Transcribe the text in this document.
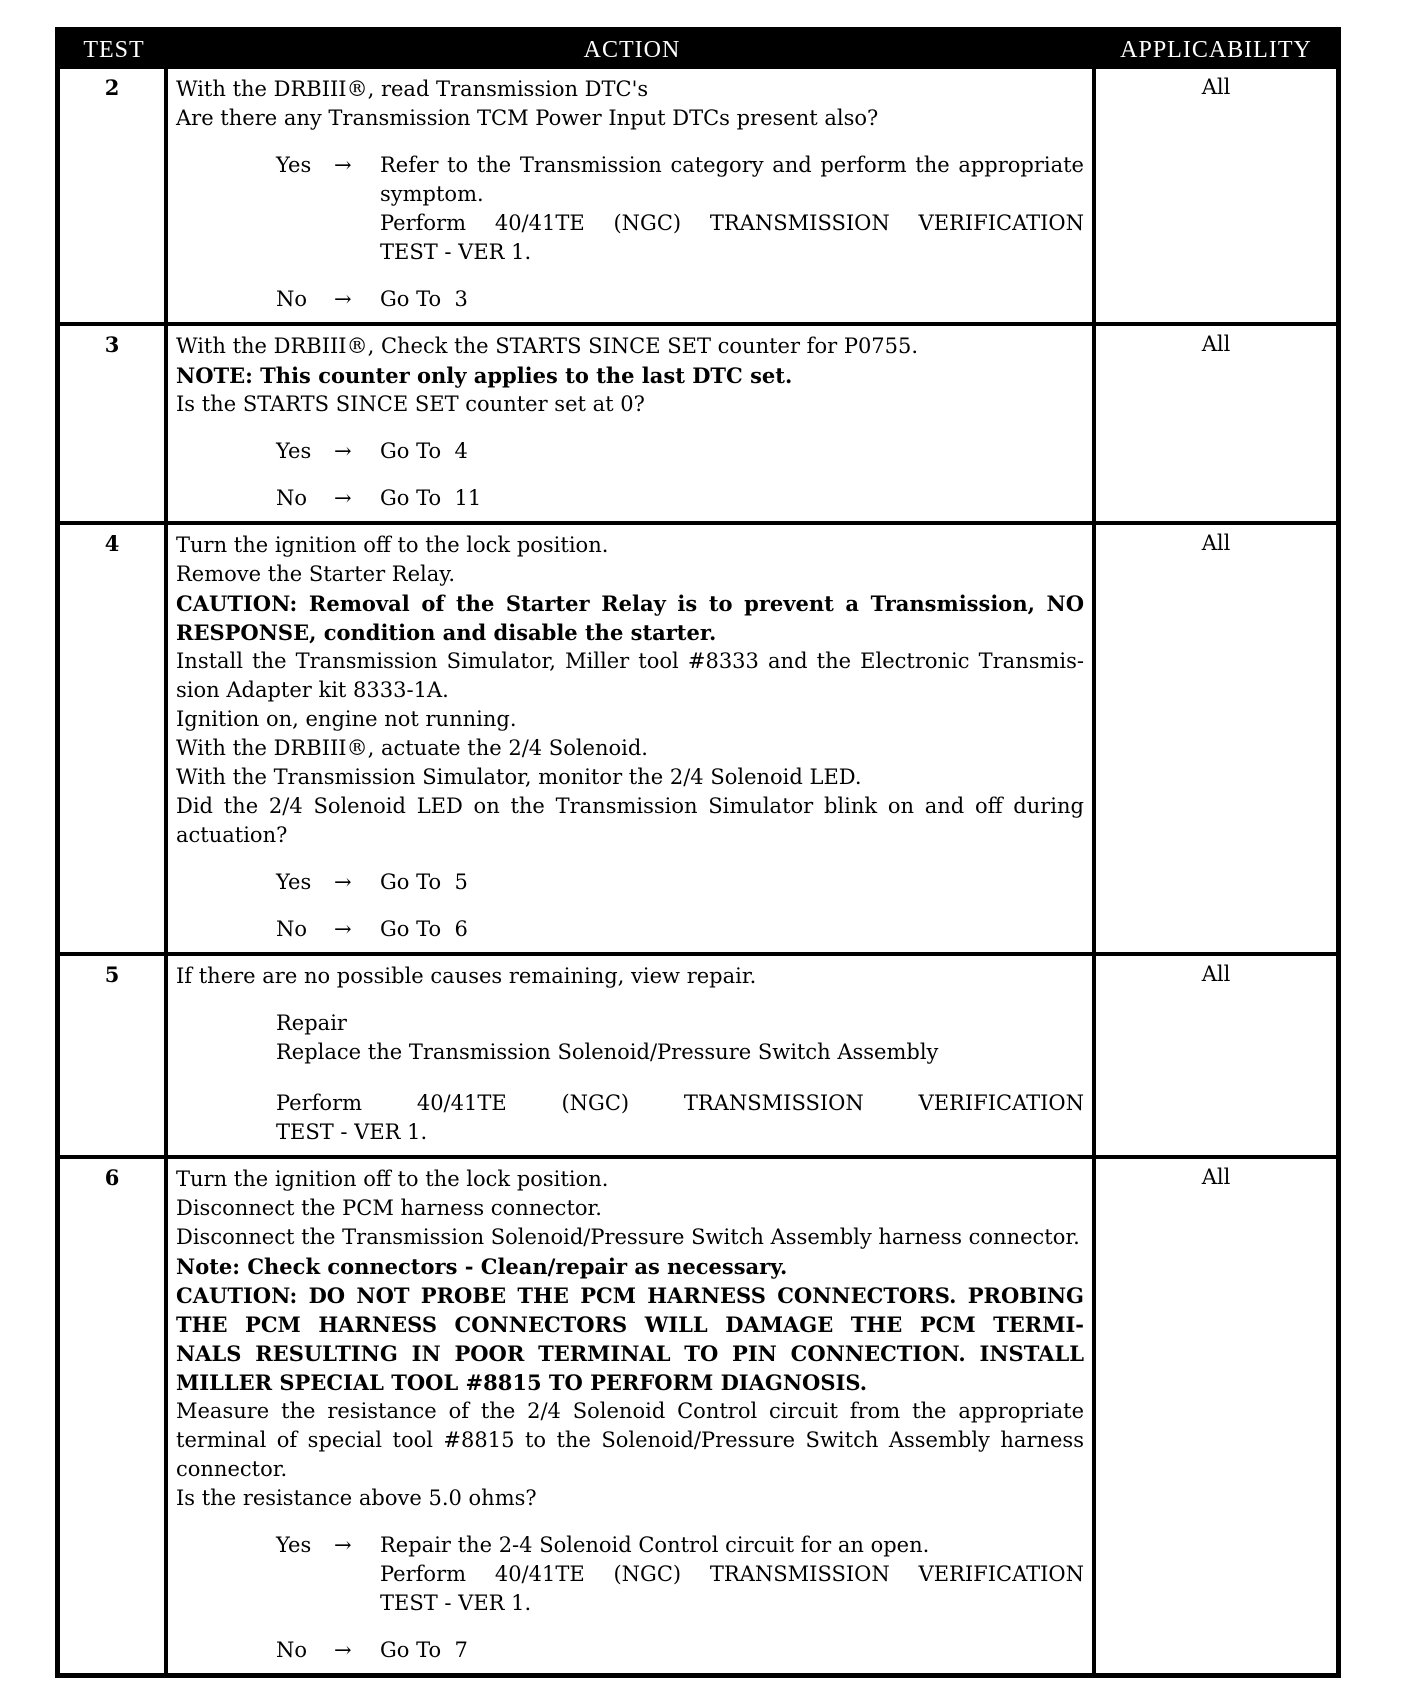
TEST	ACTION	APPLICABILITY
2	With the DRBIII®, read Transmission DTC's
Are there any Transmission TCM Power Input DTCs present also?
Yes	→	Refer to the Transmission category and perform the appropriate
symptom.
Perform 40/41TE (NGC) TRANSMISSION VERIFICATION
TEST - VER 1.
No	→	Go To  3
All
3	With the DRBIII®, Check the STARTS SINCE SET counter for P0755.
NOTE: This counter only applies to the last DTC set.
Is the STARTS SINCE SET counter set at 0?
Yes	→	Go To  4
No	→	Go To  11
All
4	Turn the ignition off to the lock position.
Remove the Starter Relay.
CAUTION: Removal of the Starter Relay is to prevent a Transmission, NO
RESPONSE, condition and disable the starter.
Install the Transmission Simulator, Miller tool #8333 and the Electronic Transmis-
sion Adapter kit 8333-1A.
Ignition on, engine not running.
With the DRBIII®, actuate the 2/4 Solenoid.
With the Transmission Simulator, monitor the 2/4 Solenoid LED.
Did the 2/4 Solenoid LED on the Transmission Simulator blink on and off during
actuation?
Yes	→	Go To  5
No	→	Go To  6
All
5	If there are no possible causes remaining, view repair.
Repair
Replace the Transmission Solenoid/Pressure Switch Assembly
Perform 40/41TE (NGC) TRANSMISSION VERIFICATION
TEST - VER 1.
All
6	Turn the ignition off to the lock position.
Disconnect the PCM harness connector.
Disconnect the Transmission Solenoid/Pressure Switch Assembly harness connector.
Note: Check connectors - Clean/repair as necessary.
CAUTION: DO NOT PROBE THE PCM HARNESS CONNECTORS. PROBING
THE PCM HARNESS CONNECTORS WILL DAMAGE THE PCM TERMI-
NALS RESULTING IN POOR TERMINAL TO PIN CONNECTION. INSTALL
MILLER SPECIAL TOOL #8815 TO PERFORM DIAGNOSIS.
Measure the resistance of the 2/4 Solenoid Control circuit from the appropriate
terminal of special tool #8815 to the Solenoid/Pressure Switch Assembly harness
connector.
Is the resistance above 5.0 ohms?
Yes	→	Repair the 2-4 Solenoid Control circuit for an open.
Perform 40/41TE (NGC) TRANSMISSION VERIFICATION
TEST - VER 1.
No	→	Go To  7
All
